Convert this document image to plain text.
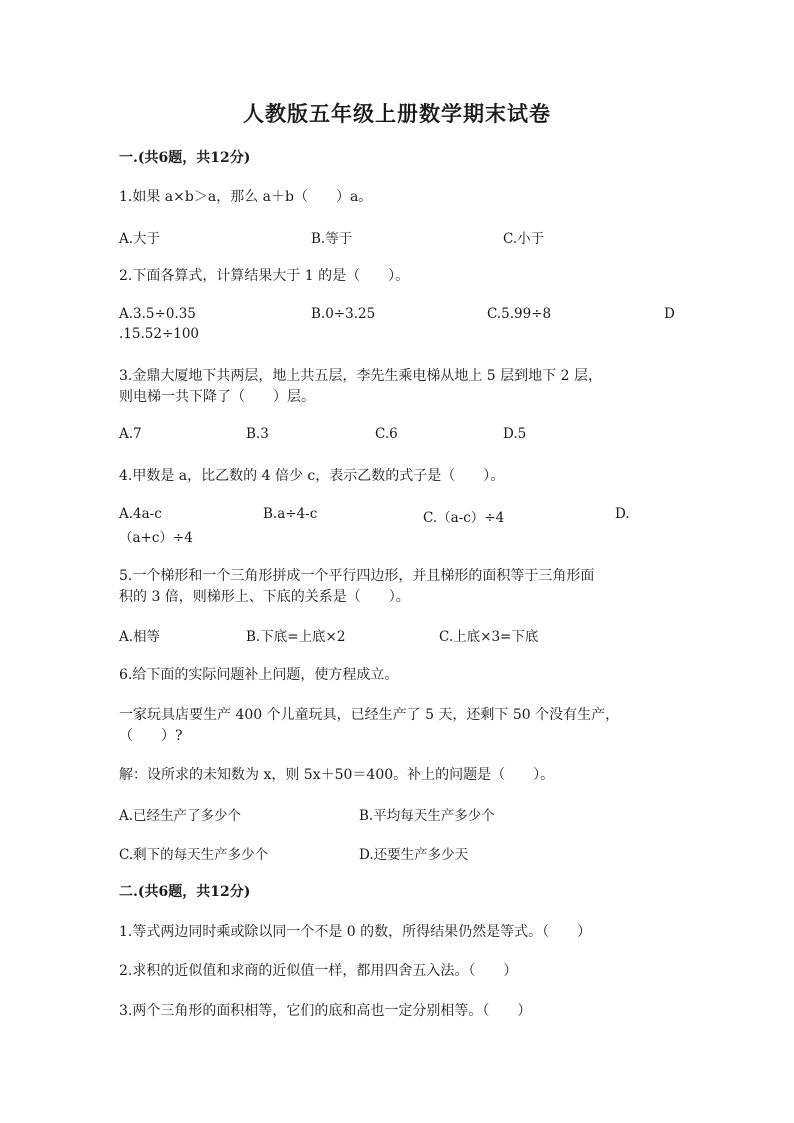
人教版五年级上册数学期末试卷
一.(共6题，共12分)
1.如果 a×b＞a，那么 a＋b（　　）a。
A.大于	B.等于	C.小于
2.下面各算式，计算结果大于 1 的是（　　）。
A.3.5÷0.35	B.0÷3.25	C.5.99÷8	D
.15.52÷100
3.金鼎大厦地下共两层，地上共五层，李先生乘电梯从地上 5 层到地下 2 层，
则电梯一共下降了（　　）层。
A.7	B.3	C.6	D.5
4.甲数是 a，比乙数的 4 倍少 c，表示乙数的式子是（　　）。
A.4a-c	B.a÷4-c	C.（a-c）÷4	D.
（a+c）÷4
5.一个梯形和一个三角形拼成一个平行四边形，并且梯形的面积等于三角形面
积的 3 倍，则梯形上、下底的关系是（　　）。
A.相等	B.下底=上底×2	C.上底×3=下底
6.给下面的实际问题补上问题，使方程成立。
一家玩具店要生产 400 个儿童玩具，已经生产了 5 天，还剩下 50 个没有生产，
（　　）?
解：设所求的未知数为 x，则 5x＋50＝400。补上的问题是（　　）。
A.已经生产了多少个	B.平均每天生产多少个
C.剩下的每天生产多少个	D.还要生产多少天
二.(共6题，共12分)
1.等式两边同时乘或除以同一个不是 0 的数，所得结果仍然是等式。（　　）
2.求积的近似值和求商的近似值一样，都用四舍五入法。（　　）
3.两个三角形的面积相等，它们的底和高也一定分别相等。（　　）
